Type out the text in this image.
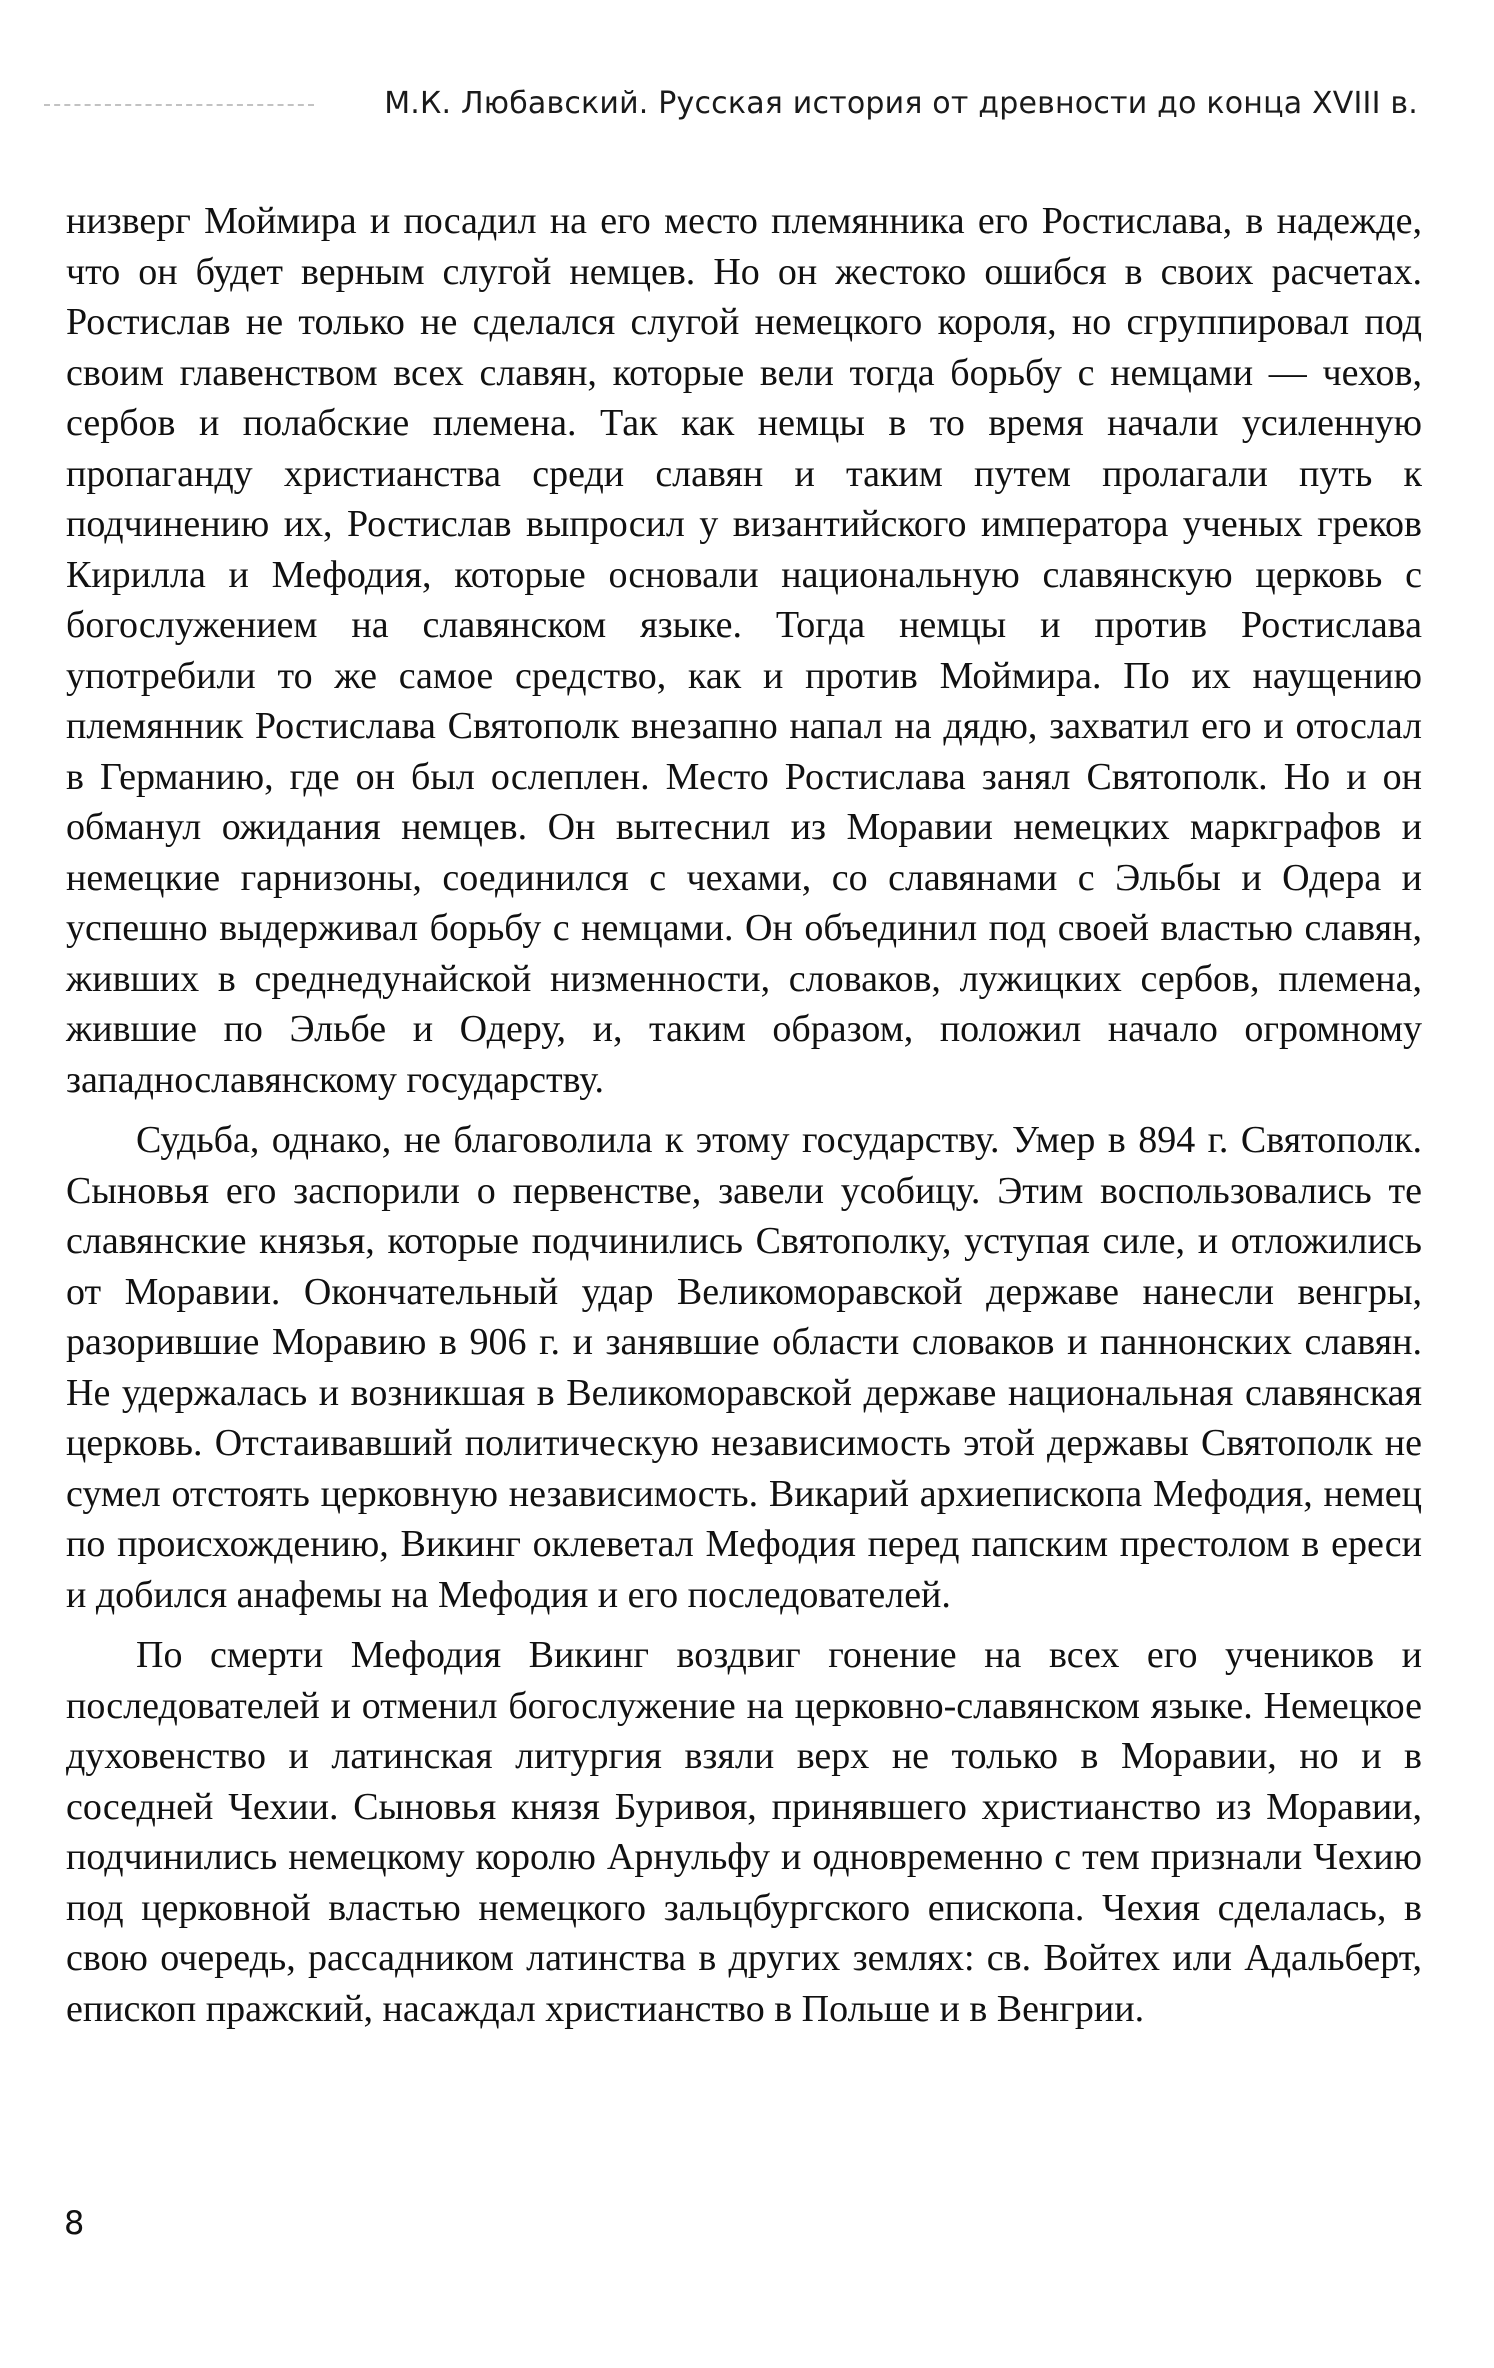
М.К. Любавский. Русская история от древности до конца XVIII в.

низверг Моймира и посадил на его место племянника его Ростислава, в надежде, что он будет верным слугой немцев. Но он жестоко ошибся в своих расчетах. Ростислав не только не сделался слугой немецкого короля, но сгруппировал под своим главенством всех славян, которые вели тогда борьбу с немцами — чехов, сербов и полабские племена. Так как немцы в то время начали усиленную пропаганду христианства среди славян и таким путем пролагали путь к подчинению их, Ростислав выпросил у византийского императора ученых греков Кирилла и Мефодия, которые основали национальную славянскую церковь с богослужением на славянском языке. Тогда немцы и против Ростислава употребили то же самое средство, как и против Моймира. По их наущению племянник Ростислава Святополк внезапно напал на дядю, захватил его и отослал в Германию, где он был ослеплен. Место Ростислава занял Святополк. Но и он обманул ожидания немцев. Он вытеснил из Моравии немецких маркграфов и немецкие гарнизоны, соединился с чехами, со славянами с Эльбы и Одера и успешно выдерживал борьбу с немцами. Он объединил под своей властью славян, живших в среднедунайской низменности, словаков, лужицких сербов, племена, жившие по Эльбе и Одеру, и, таким образом, положил начало огромному западнославянскому государству.

Судьба, однако, не благоволила к этому государству. Умер в 894 г. Святополк. Сыновья его заспорили о первенстве, завели усобицу. Этим воспользовались те славянские князья, которые подчинились Святополку, уступая силе, и отложились от Моравии. Окончательный удар Великоморавской державе нанесли венгры, разорившие Моравию в 906 г. и занявшие области словаков и паннонских славян. Не удержалась и возникшая в Великоморавской державе национальная славянская церковь. Отстаивавший политическую независимость этой державы Святополк не сумел отстоять церковную независимость. Викарий архиепископа Мефодия, немец по происхождению, Викинг оклеветал Мефодия перед папским престолом в ереси и добился анафемы на Мефодия и его последователей.

По смерти Мефодия Викинг воздвиг гонение на всех его учеников и последователей и отменил богослужение на церковно-славянском языке. Немецкое духовенство и латинская литургия взяли верх не только в Моравии, но и в соседней Чехии. Сыновья князя Буривоя, принявшего христианство из Моравии, подчинились немецкому королю Арнульфу и одновременно с тем признали Чехию под церковной властью немецкого зальцбургского епископа. Чехия сделалась, в свою очередь, рассадником латинства в других землях: св. Войтех или Адальберт, епископ пражский, насаждал христианство в Польше и в Венгрии.

8
